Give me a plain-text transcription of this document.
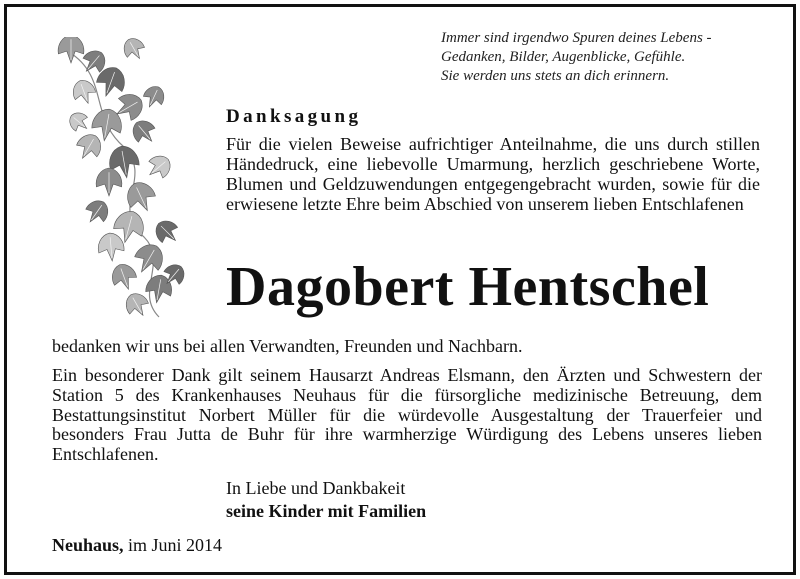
Immer sind irgendwo Spuren deines Lebens -
Gedanken, Bilder, Augenblicke, Gefühle.
Sie werden uns stets an dich erinnern.
Danksagung
Für die vielen Beweise aufrichtiger Anteilnahme, die uns durch stillen Händedruck, eine liebevolle Umarmung, herzlich geschriebene Worte, Blumen und Geldzuwendungen entgegengebracht wurden, sowie für die erwiesene letzte Ehre beim Abschied von unserem lieben Entschlafenen
Dagobert Hentschel
bedanken wir uns bei allen Verwandten, Freunden und Nachbarn.
Ein besonderer Dank gilt seinem Hausarzt Andreas Elsmann, den Ärzten und Schwestern der Station 5 des Krankenhauses Neuhaus für die fürsorgliche medizinische Betreuung, dem Bestattungsinstitut Norbert Müller für die würdevolle Ausgestaltung der Trauerfeier und besonders Frau Jutta de Buhr für ihre warmherzige Würdigung des Lebens unseres lieben Entschlafenen.
In Liebe und Dankbakeit
seine Kinder mit Familien
Neuhaus, im Juni 2014
